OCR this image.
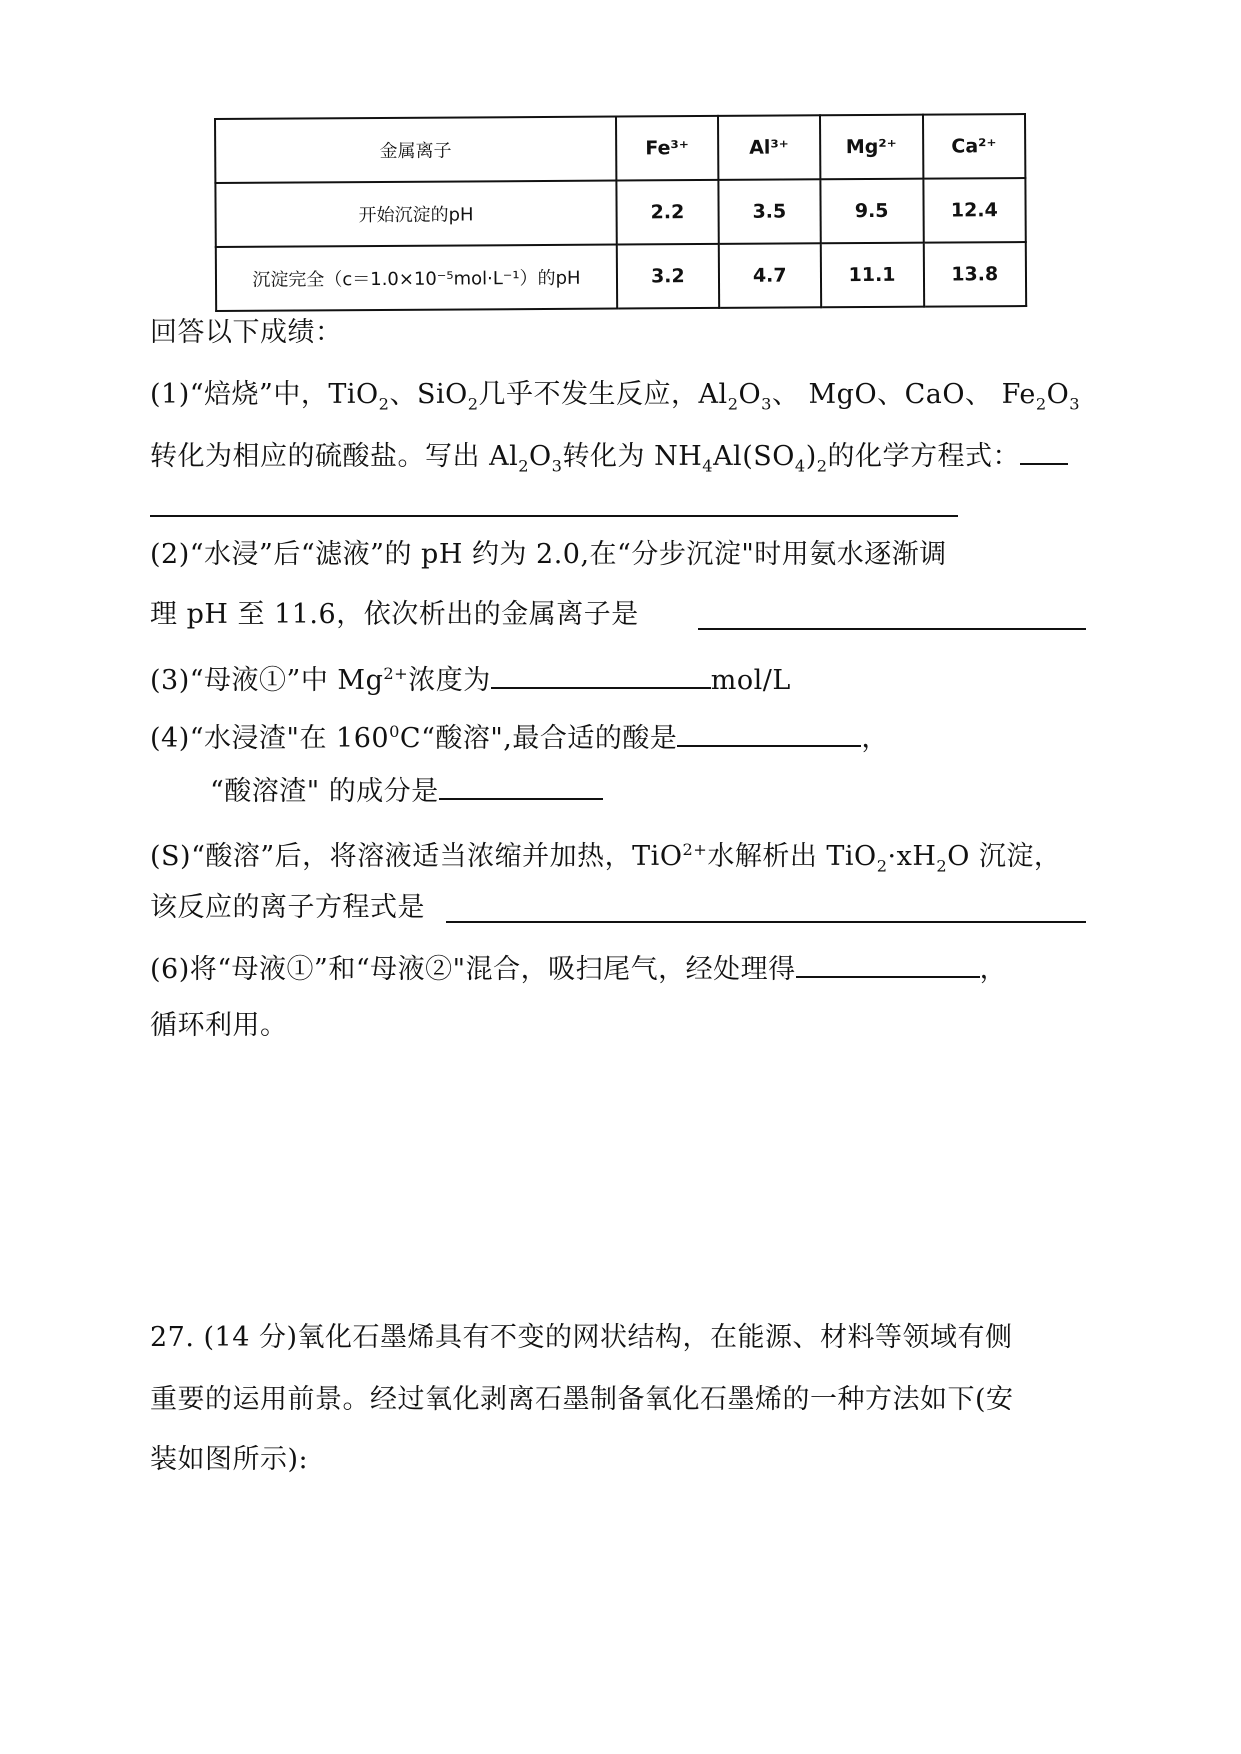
金属离子	Fe³⁺	Al³⁺	Mg²⁺	Ca²⁺
开始沉淀的pH	2.2	3.5	9.5	12.4
沉淀完全（c＝1.0×10⁻⁵mol·L⁻¹）的pH	3.2	4.7	11.1	13.8
回答以下成绩：
(1)“焙烧”中，TiO$_2$、SiO$_2$几乎不发生反应，$Al_2O_3$、 MgO、CaO、 $Fe_2O_3$
转化为相应的硫酸盐。写出 $Al_2O_3$转化为 $NH_4Al(SO_4)_2$的化学方程式：
(2)“水浸”后“滤液”的 pH 约为 2.0,在“分步沉淀"时用氨水逐渐调
理 pH 至 11.6，依次析出的金属离子是
(3)“母液①”中 $Mg^{2+}$浓度为	mol/L
(4)“水浸渣"在 $160^0C“$酸溶",最合适的酸是	，
“酸溶渣" 的成分是
(S)“酸溶”后，将溶液适当浓缩并加热，TiO$^{2+}$水解析出 $TiO_2\cdot xH_2O$ 沉淀，
该反应的离子方程式是
(6)将“母液①”和“母液②"混合，吸扫尾气，经处理得	，
循环利用。
27. (14 分)氧化石墨烯具有不变的网状结构，在能源、材料等领域有侧
重要的运用前景。经过氧化剥离石墨制备氧化石墨烯的一种方法如下(安
装如图所示):
